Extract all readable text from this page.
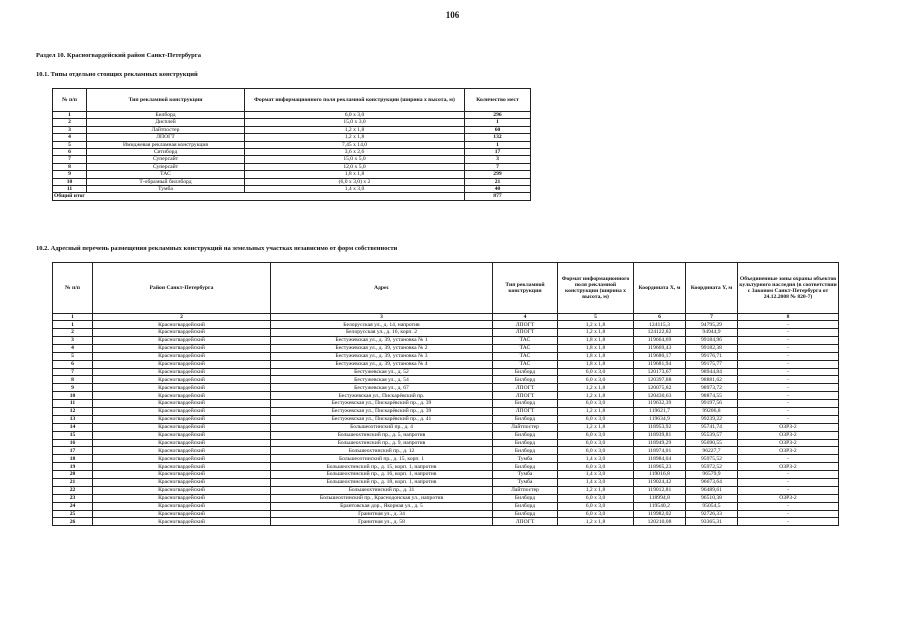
106
Раздел 10. Красногвардейский район Санкт-Петербурга
10.1. Типы отдельно стоящих рекламных конструкций
№ п/п	Тип рекламной конструкции	Формат информационного поля рекламной конструкции (ширина х высота, м)	Количество мест
1	Билборд	6,0 x 3,0	296
2	Дисплей	15,0 x 3,0	1
3	Лайтпостер	1,2 x 1,8	60
4	ЛПОГТ	1,2 x 1,8	132
5	Имиджевая рекламная конструкция	7,45 x 14,0	1
6	Ситиборд	3,6 x 2,6	17
7	Суперсайт	15,0 x 5,0	3
8	Суперсайт	12,0 x 5,0	7
9	ТАС	1,8 x 1,8	299
10	Т-образный биллборд	(6,0 x 3,0) x 2	21
11	Тумба	1,4 x 3,0	40
Общий итог			877
10.2. Адресный перечень размещения рекламных конструкций на земельных участках независимо от форм собственности
№ п/п	Район Санкт-Петербурга	Адрес	Тип рекламной конструкции	Формат информационного поля рекламной конструкции (ширина х высота, м)	Координата X, м	Координата Y, м	Объединенные зоны охраны объектов культурного наследия (в соответствии с Законом Санкт-Петербурга от 24.12.2008 № 820-7)
1	2	3	4	5	6	7	8
1	Красногвардейский	Белорусская ул., д. 14, напротив	ЛПОГТ	1,2 x 1,8	124115,3	94795,29	-
2	Красногвардейский	Белорусская ул., д. 16, корп. 2	ЛПОГТ	1,2 x 1,8	124122,82	94944,9	-
3	Красногвардейский	Бестужевская ул., д. 39, установка № 1	ТАС	1,8 x 1,8	119664,69	99184,96	-
4	Красногвардейский	Бестужевская ул., д. 39, установка № 2	ТАС	1,8 x 1,8	119669,43	99182,38	-
5	Красногвардейский	Бестужевская ул., д. 39, установка № 3	ТАС	1,8 x 1,8	119680,17	99176,71	-
6	Красногвардейский	Бестужевская ул., д. 39, установка № 4	ТАС	1,8 x 1,8	119681,94	99175,77	-
7	Красногвардейский	Бестужевская ул., д. 52	Билборд	6,0 x 3,0	120173,67	98944,84	-
8	Красногвардейский	Бестужевская ул., д. 54	Билборд	6,0 x 3,0	120397,88	98881,62	-
9	Красногвардейский	Бестужевская ул., д. 67	ЛПОГТ	1,2 x 1,8	120075,82	98973,72	-
10	Красногвардейский	Бестужевская ул., Пискарёвский пр.	ЛПОГТ	1,2 x 1,8	120430,63	98874,55	-
11	Красногвардейский	Бестужевская ул., Пискарёвский пр., д. 39	Билборд	6,0 x 3,0	119632,39	99197,56	-
12	Красногвардейский	Бестужевская ул., Пискарёвский пр., д. 39	ЛПОГТ	1,2 x 1,8	119621,7	99206,8	-
13	Красногвардейский	Бестужевская ул., Пискарёвский пр., д. 41	Билборд	6,0 x 3,0	119634,9	99239,22	-
14	Красногвардейский	Большеохтинский пр., д. 4	Лайтпостер	1,2 x 1,8	118953,92	95741,74	ОЗРЗ-2
15	Красногвардейский	Большеохтинский пр., д. 5, напротив	Билборд	6,0 x 3,0	118939,81	95539,57	ОЗРЗ-2
16	Красногвардейский	Большеохтинский пр., д. 9, напротив	Билборд	6,0 x 3,0	118949,29	95690,55	ОЗРЗ-2
17	Красногвардейский	Большеохтинский пр., д. 12	Билборд	6,0 x 3,0	118974,01	96227,7	ОЗРЗ-2
18	Красногвардейский	Большеохтинский пр., д. 15, корп. 1	Тумба	1,4 x 3,0	118984,04	95975,52	-
19	Красногвардейский	Большеохтинский пр., д. 15, корп. 1, напротив	Билборд	6,0 x 3,0	118965,23	95972,52	ОЗРЗ-2
20	Красногвардейский	Большеохтинский пр., д. 16, корп. 1, напротив	Тумба	1,4 x 3,0	119016,8	96579,9	-
21	Красногвардейский	Большеохтинский пр., д. 18, корп. 1, напротив	Тумба	1,4 x 3,0	119024,42	96673,64	-
22	Красногвардейский	Большеохтинский пр., д. 31	Лайтпостер	1,2 x 1,8	119012,81	96489,61	-
23	Красногвардейский	Большеохтинский пр., Краснодонская ул., напротив	Билборд	6,0 x 3,0	118994,8	96510,38	ОЗРЗ-2
24	Красногвардейский	Брантовская дор., Якорная ул., д. 5	Билборд	6,0 x 3,0	119540,2	95054,5	-
25	Красногвардейский	Гранитная ул., д. 34	Билборд	6,0 x 3,0	119982,02	92726,33	-
26	Красногвардейский	Гранитная ул., д. 58	ЛПОГТ	1,2 x 1,8	120210,08	93365,31	-
